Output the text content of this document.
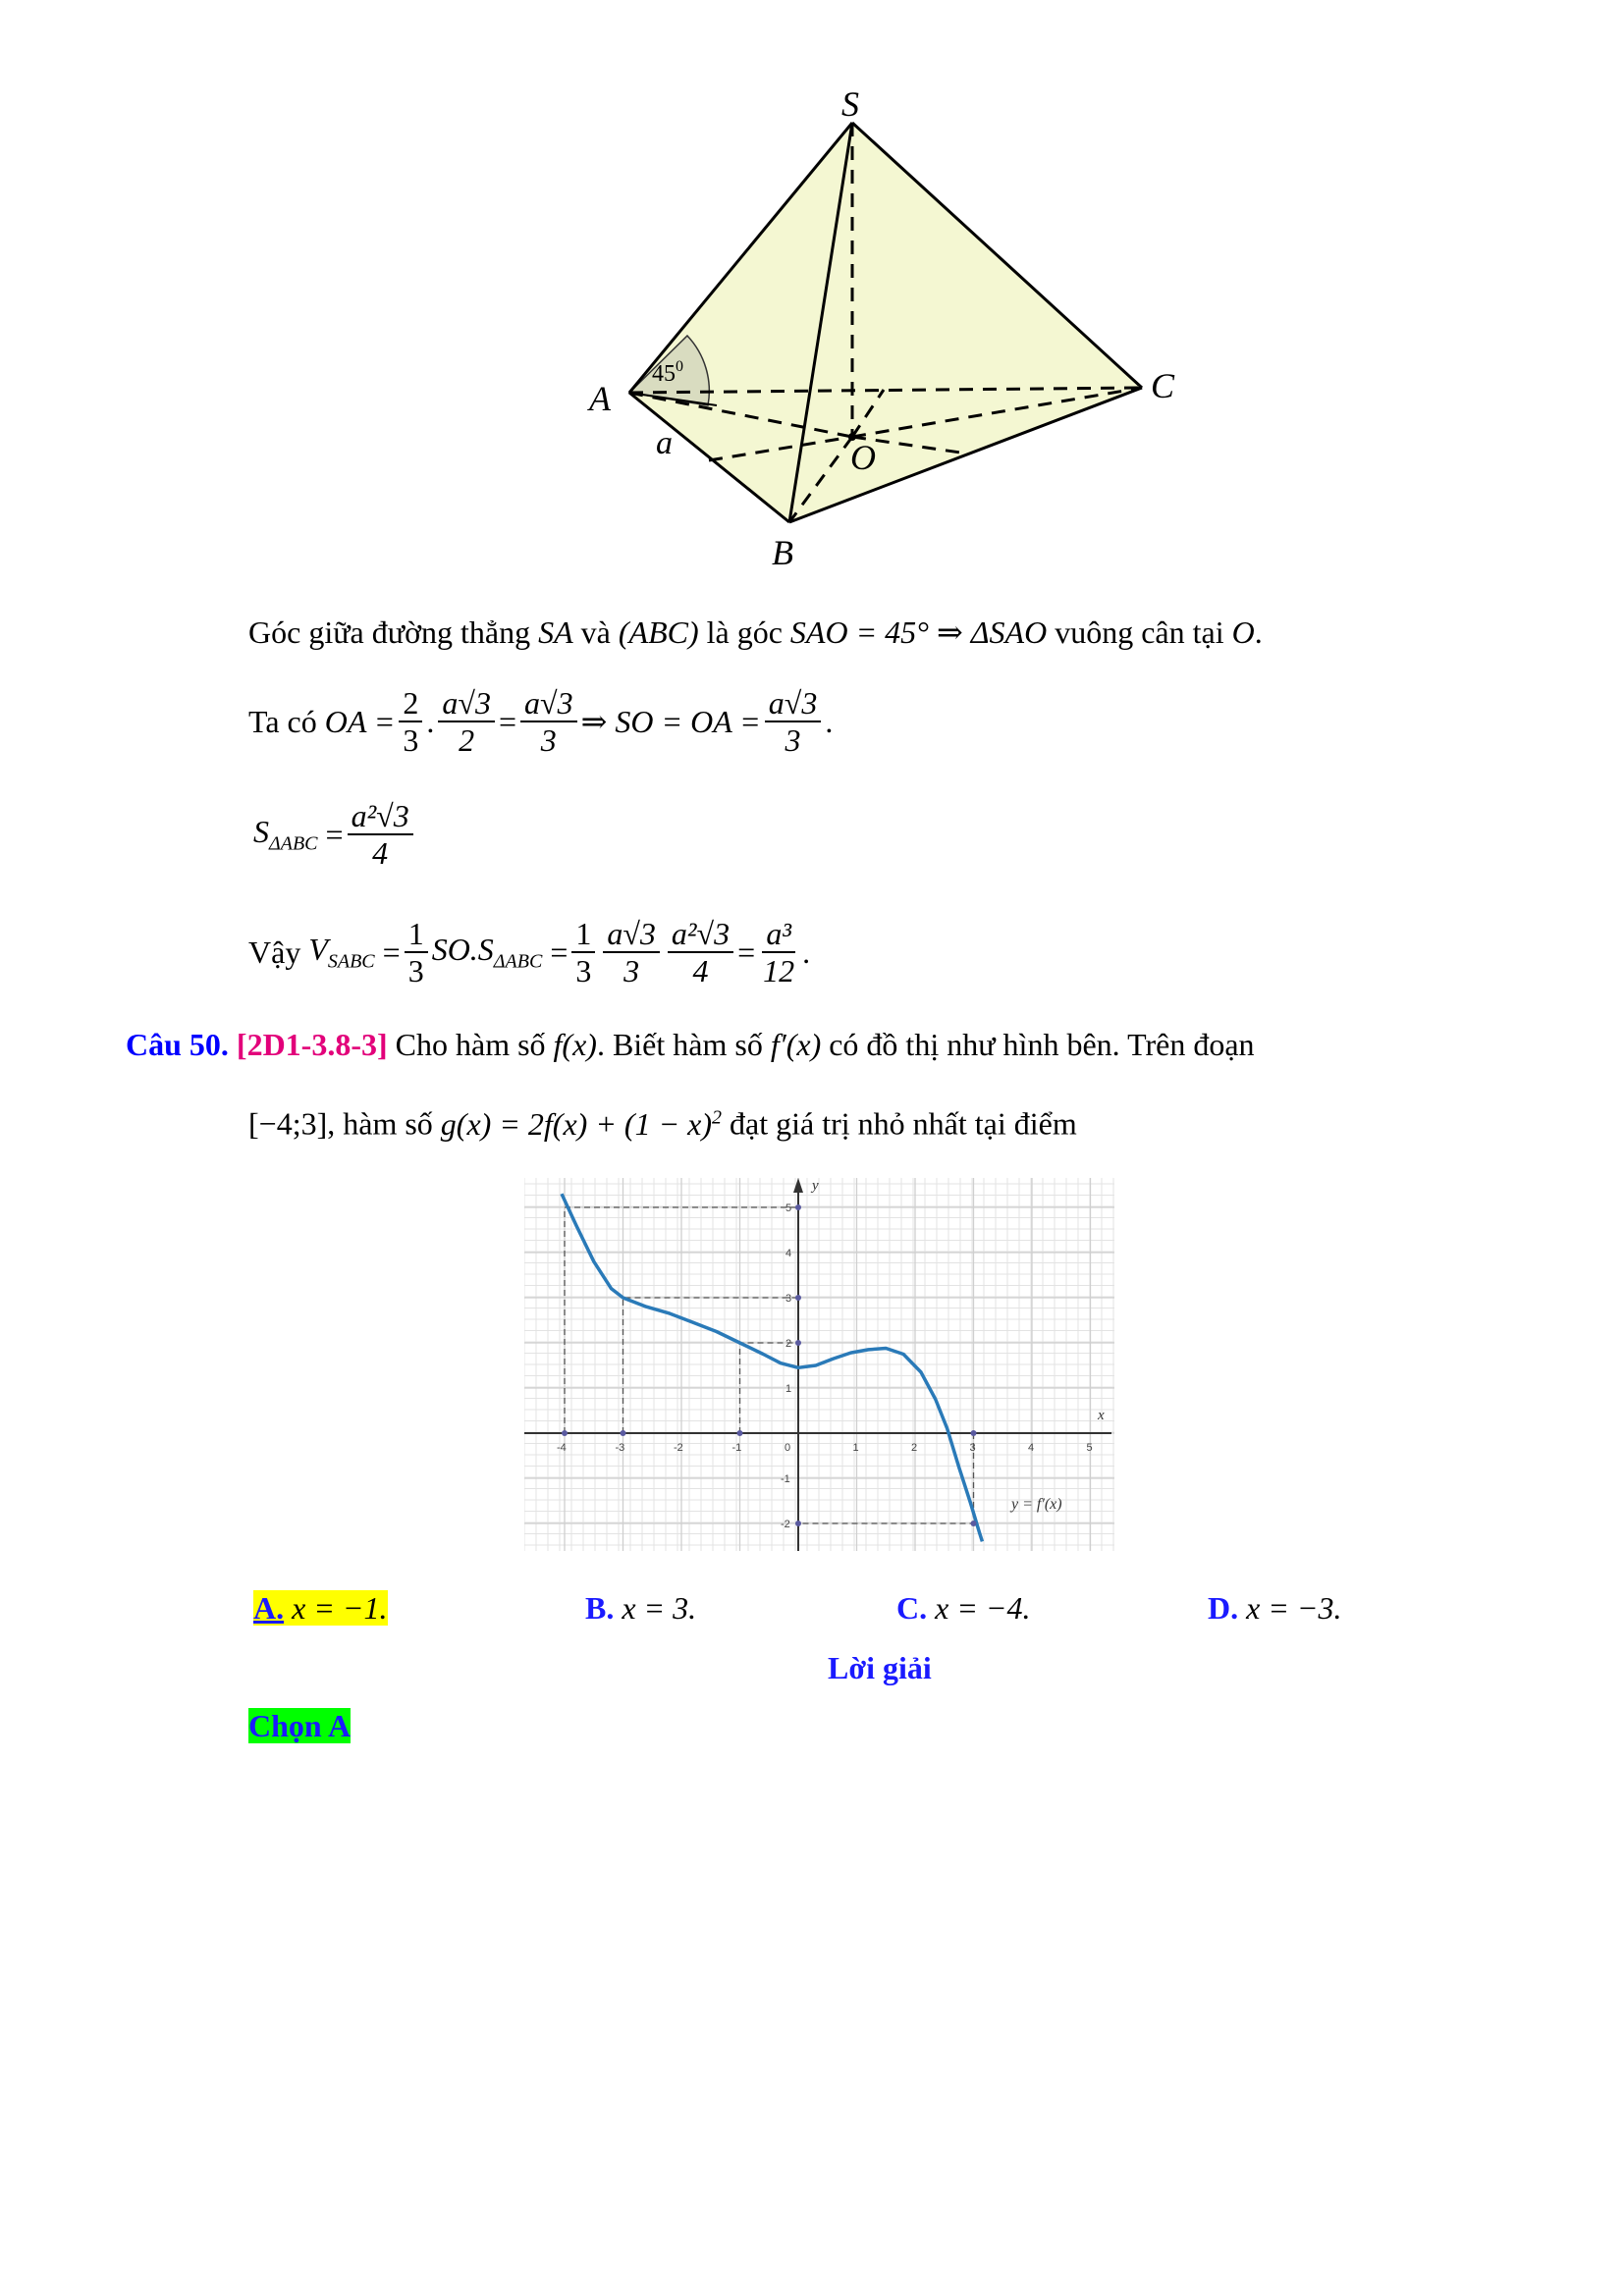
S
A
B
C
O
a
$45^0$
Góc giữa đường thẳng SA và (ABC) là góc SAO = 45° ⇒ ΔSAO vuông cân tại O.
Ta có
OA = $\frac{2}{3}$ . $\frac{a√3}{2} = \frac{a√3}{3}$ ⇒ SO = OA = $\frac{a√3}{3}$ .
$S_{\Delta ABC}$
= $\frac{\text{a²√3}}{4}$
Vậy
$V_{SABC}$
= $\frac{1}{3} SO.S_{\Delta ABC}$
= $\frac{1}{3} \frac{a√3}{3} \frac{\text{a²√3}}{4} = \frac{\text{a³}}{12}$ .
Câu 50. [2D1-3.8-3] Cho hàm số f(x). Biết hàm số f′(x) có đồ thị như hình bên. Trên đoạn
[−4;3], hàm số $g(x) = 2f(x) + (1 - x)^2$ đạt giá trị nhỏ nhất tại điểm
-4	-3	-2	-1	0	1	2	3	4	5
5
4
3
2
1
-1
-2
x
y
y = f′(x)
A. x = −1.	B. x = 3.	C. x = −4.	D. x = −3.
Lời giải
Chọn A
